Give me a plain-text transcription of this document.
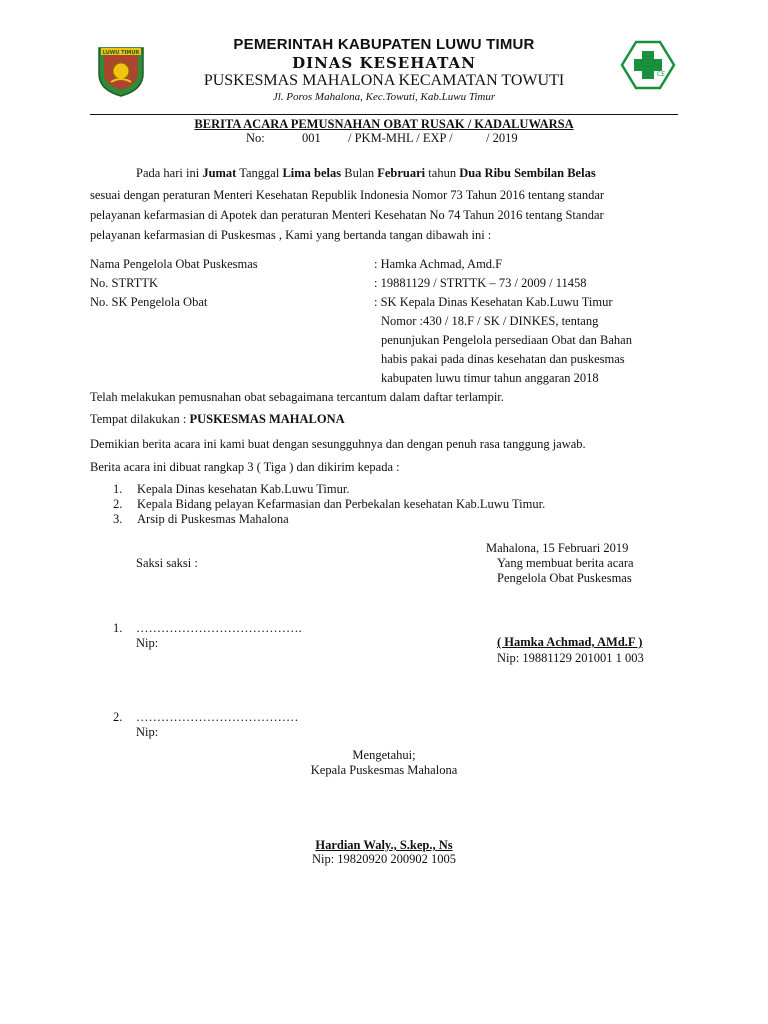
LUWU TIMUR
CE
PEMERINTAH KABUPATEN LUWU TIMUR
DINAS KESEHATAN
PUSKESMAS MAHALONA KECAMATAN TOWUTI
Jl. Poros Mahalona, Kec.Towuti, Kab.Luwu Timur
BERITA ACARA PEMUSNAHAN OBAT RUSAK / KADALUWARSA
No:	001 / PKM-MHL / EXP /	/ 2019
Pada hari ini Jumat Tanggal Lima belas Bulan Februari tahun Dua Ribu Sembilan Belas
sesuai dengan peraturan Menteri Kesehatan Republik Indonesia Nomor 73 Tahun 2016 tentang standar
pelayanan kefarmasian di Apotek dan peraturan Menteri Kesehatan No 74 Tahun 2016 tentang Standar
pelayanan kefarmasian di Puskesmas , Kami yang bertanda tangan dibawah ini :
Nama Pengelola Obat Puskesmas	: Hamka Achmad, Amd.F
No. STRTTK	: 19881129 / STRTTK – 73 / 2009 / 11458
No. SK Pengelola Obat	: SK Kepala Dinas Kesehatan Kab.Luwu Timur
Nomor :430 / 18.F / SK / DINKES, tentang
penunjukan Pengelola persediaan Obat dan Bahan
habis pakai pada dinas kesehatan dan puskesmas
kabupaten luwu timur tahun anggaran 2018
Telah melakukan pemusnahan obat sebagaimana tercantum dalam daftar terlampir.
Tempat dilakukan : PUSKESMAS MAHALONA
Demikian berita acara ini kami buat dengan sesungguhnya dan dengan penuh rasa tanggung jawab.
Berita acara ini dibuat rangkap 3 ( Tiga ) dan dikirim kepada :
1. Kepala Dinas kesehatan Kab.Luwu Timur.
2. Kepala Bidang pelayan Kefarmasian dan Perbekalan kesehatan Kab.Luwu Timur.
3. Arsip di Puskesmas Mahalona
Mahalona, 15 Februari 2019
Saksi saksi :	Yang membuat berita acara
Pengelola Obat Puskesmas
1. ………………………………….
Nip:	( Hamka Achmad, AMd.F )
Nip: 19881129 201001 1 003
2. …………………………………
Nip:
Mengetahui;
Kepala Puskesmas Mahalona
Hardian Waly., S.kep., Ns
Nip: 19820920 200902 1005
